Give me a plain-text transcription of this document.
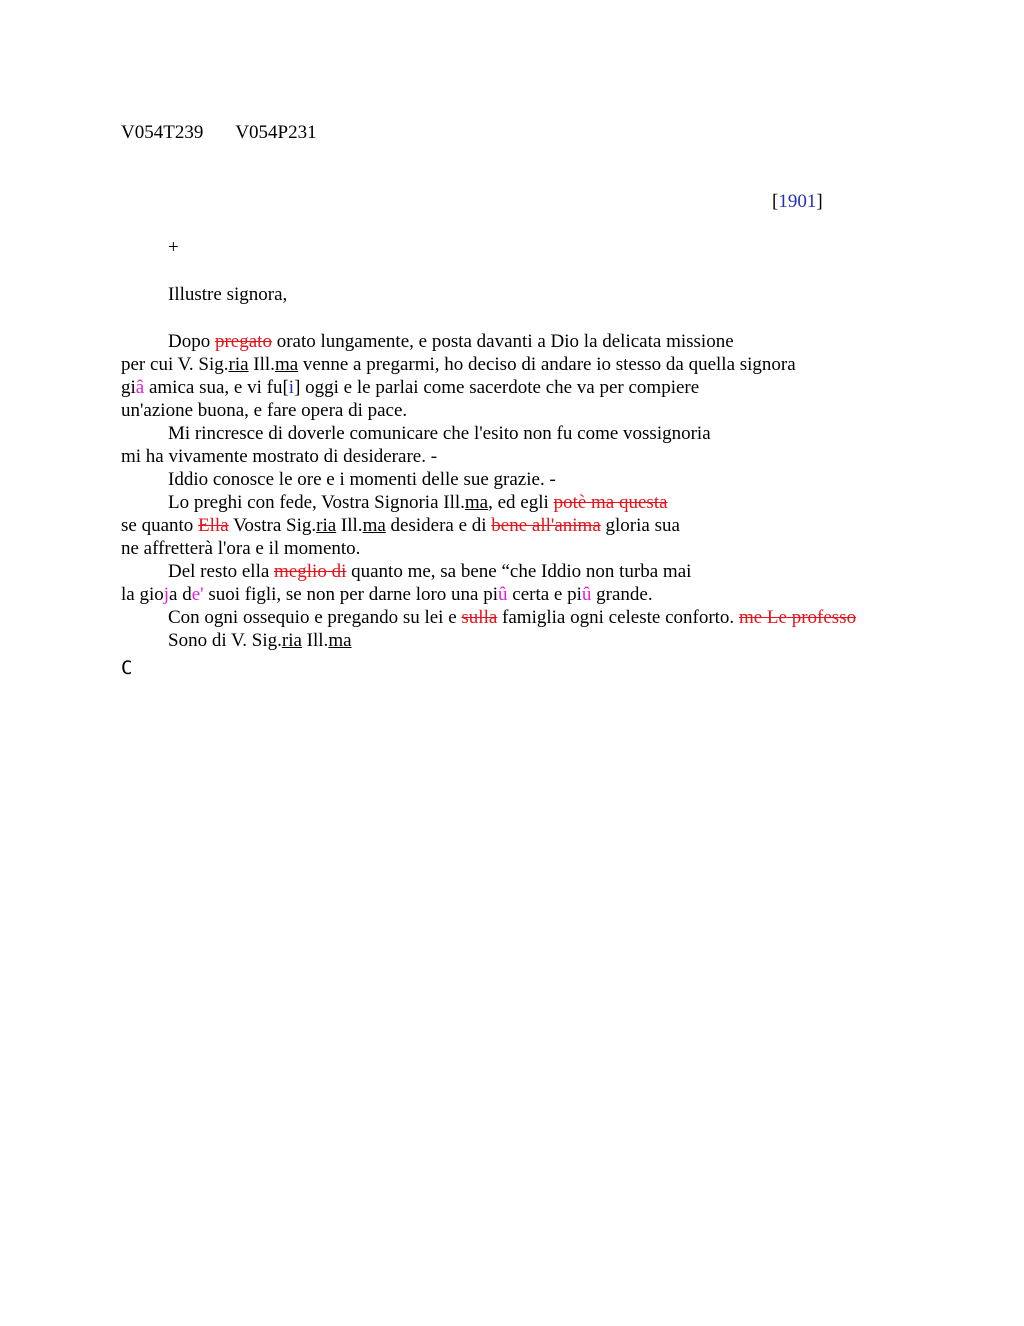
V054T239 V054P231
[1901]
+
Illustre signora,
Dopo pregato orato lungamente, e posta davanti a Dio la delicata missione
per cui V. Sig.ria Ill.ma venne a pregarmi, ho deciso di andare io stesso da quella signora
giâ amica sua, e vi fu[i] oggi e le parlai come sacerdote che va per compiere
un'azione buona, e fare opera di pace.
Mi rincresce di doverle comunicare che l'esito non fu come vossignoria
mi ha vivamente mostrato di desiderare. -
Iddio conosce le ore e i momenti delle sue grazie. -
Lo preghi con fede, Vostra Signoria Ill.ma, ed egli potè ma questa
se quanto Ella Vostra Sig.ria Ill.ma desidera e di bene all'anima gloria sua
ne affretterà l'ora e il momento.
Del resto ella meglio di quanto me, sa bene “che Iddio non turba mai
la gioja de' suoi figli, se non per darne loro una piû certa e piû grande.
Con ogni ossequio e pregando su lei e sulla famiglia ogni celeste conforto. me Le professo
Sono di V. Sig.ria Ill.ma
C
